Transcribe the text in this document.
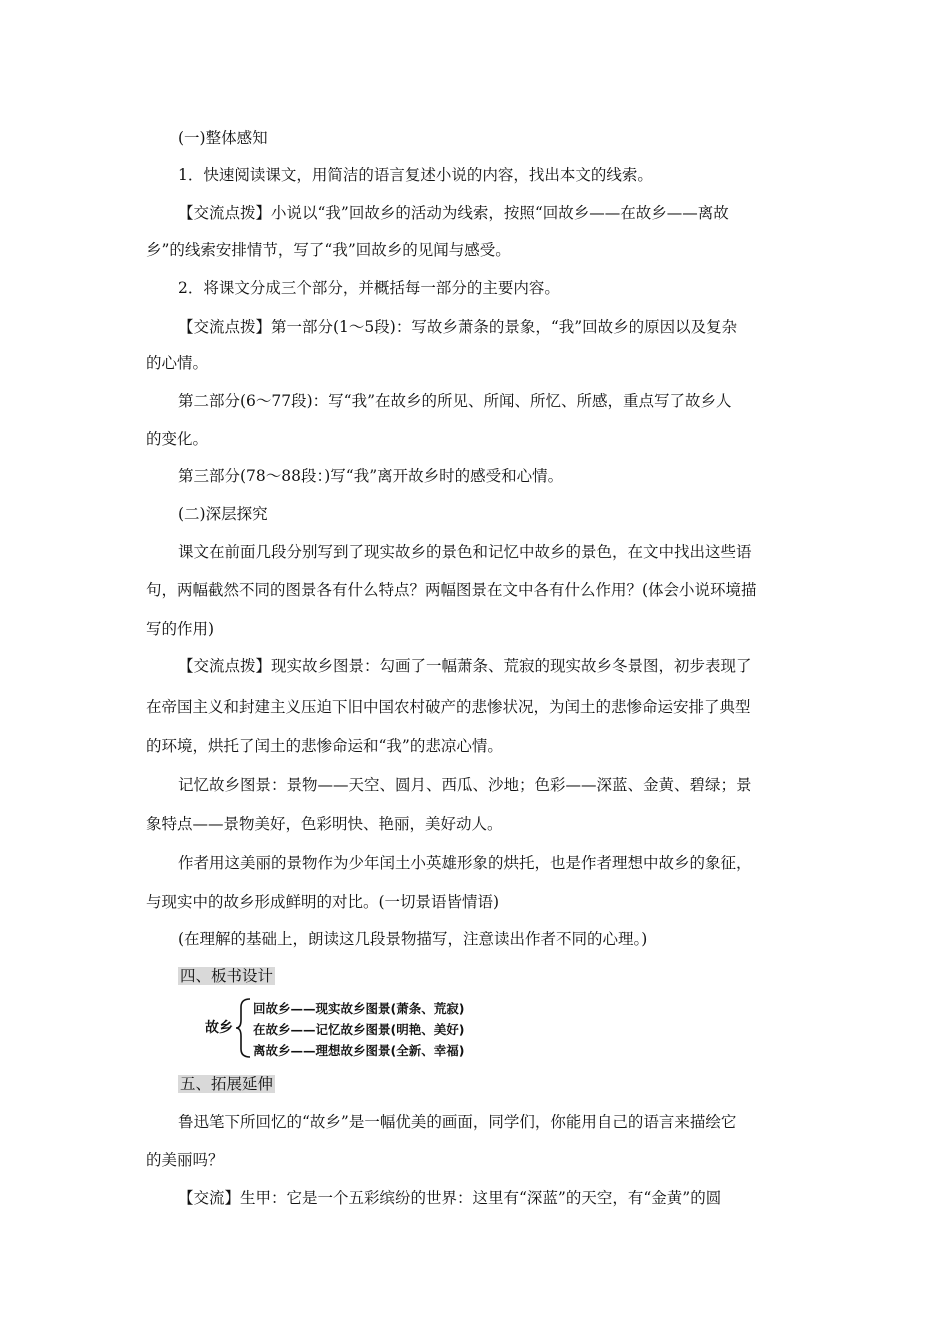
(一)整体感知
1．快速阅读课文，用简洁的语言复述小说的内容，找出本文的线索。
【交流点拨】小说以“我”回故乡的活动为线索，按照“回故乡——在故乡——离故
乡”的线索安排情节，写了“我”回故乡的见闻与感受。
2．将课文分成三个部分，并概括每一部分的主要内容。
【交流点拨】第一部分(1～5段)：写故乡萧条的景象，“我”回故乡的原因以及复杂
的心情。
第二部分(6～77段)：写“我”在故乡的所见、所闻、所忆、所感，重点写了故乡人
的变化。
第三部分(78～88段：)写“我”离开故乡时的感受和心情。
(二)深层探究
课文在前面几段分别写到了现实故乡的景色和记忆中故乡的景色，在文中找出这些语
句，两幅截然不同的图景各有什么特点？两幅图景在文中各有什么作用？(体会小说环境描
写的作用)
【交流点拨】现实故乡图景：勾画了一幅萧条、荒寂的现实故乡冬景图，初步表现了
在帝国主义和封建主义压迫下旧中国农村破产的悲惨状况，为闰土的悲惨命运安排了典型
的环境，烘托了闰土的悲惨命运和“我”的悲凉心情。
记忆故乡图景：景物——天空、圆月、西瓜、沙地；色彩——深蓝、金黄、碧绿；景
象特点——景物美好，色彩明快、艳丽，美好动人。
作者用这美丽的景物作为少年闰土小英雄形象的烘托，也是作者理想中故乡的象征，
与现实中的故乡形成鲜明的对比。(一切景语皆情语)
(在理解的基础上，朗读这几段景物描写，注意读出作者不同的心理。)
四、板书设计
故乡
回故乡——现实故乡图景(萧条、荒寂)
在故乡——记忆故乡图景(明艳、美好)
离故乡——理想故乡图景(全新、幸福)
五、拓展延伸
鲁迅笔下所回忆的“故乡”是一幅优美的画面，同学们，你能用自己的语言来描绘它
的美丽吗？
【交流】生甲：它是一个五彩缤纷的世界：这里有“深蓝”的天空，有“金黄”的圆
